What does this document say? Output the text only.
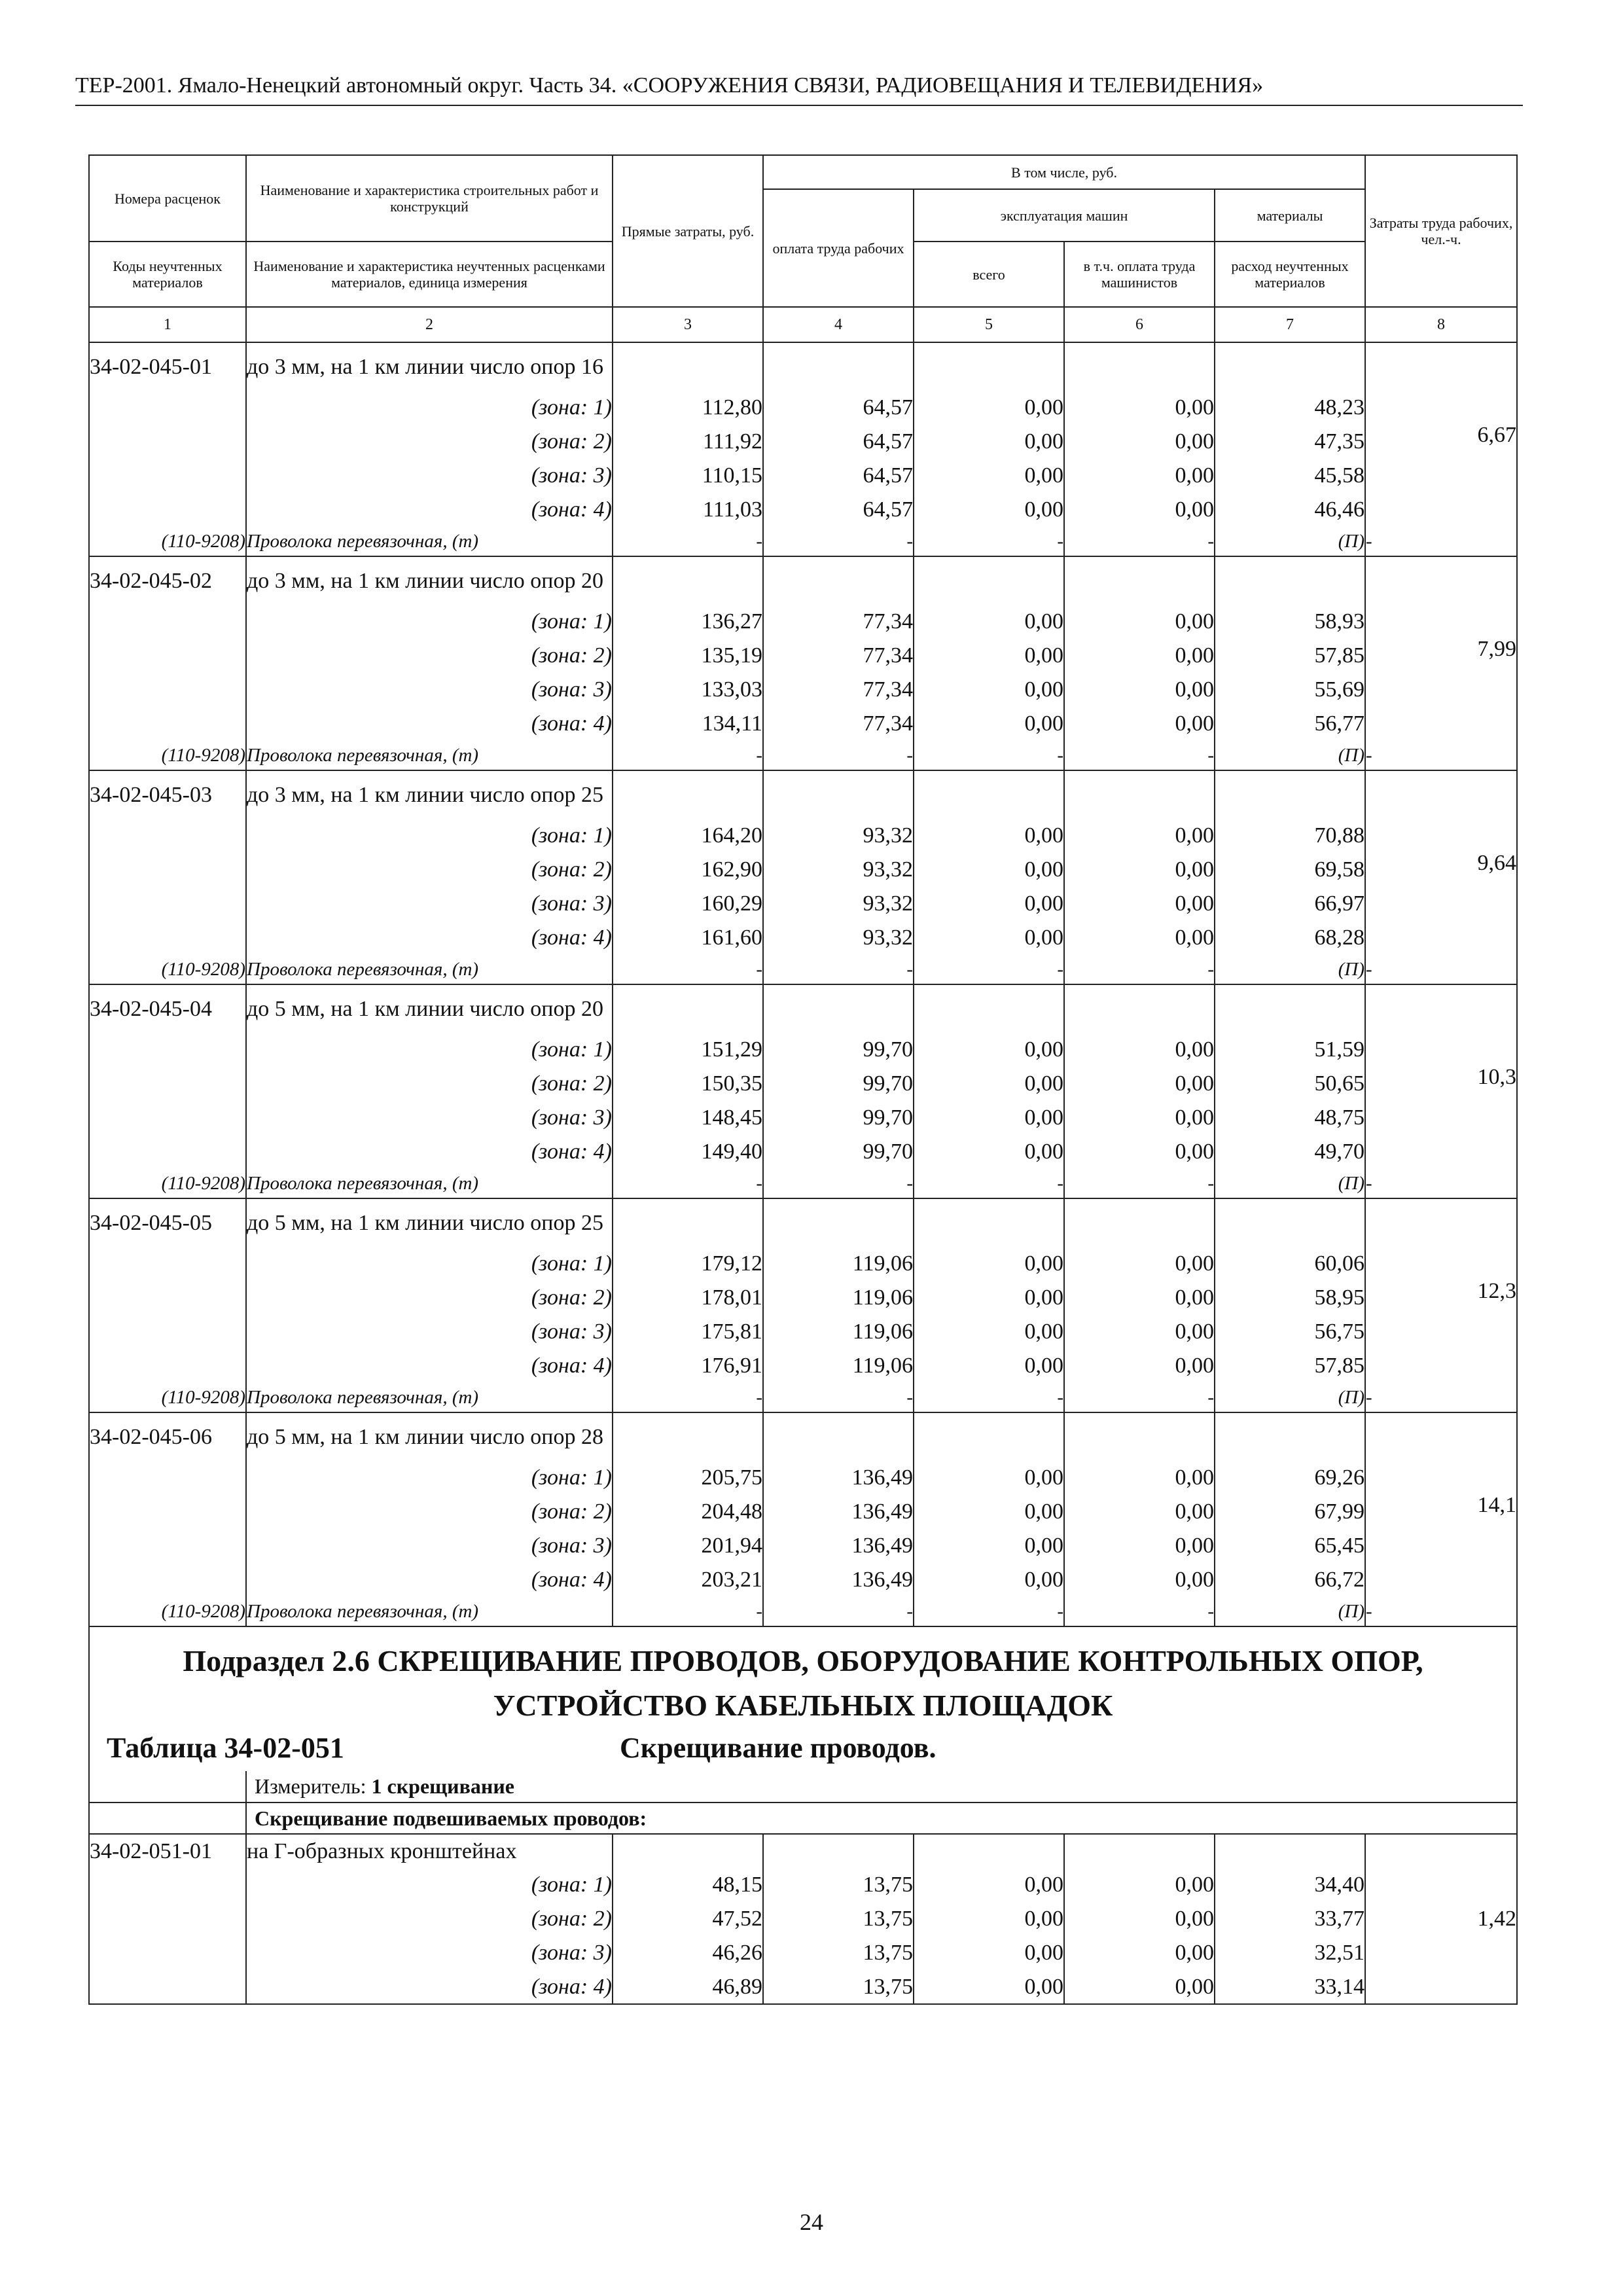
ТЕР-2001. Ямало-Ненецкий автономный округ. Часть 34. «СООРУЖЕНИЯ СВЯЗИ, РАДИОВЕЩАНИЯ И ТЕЛЕВИДЕНИЯ»
Номера расценок	Наименование и характеристика строительных работ и конструкций	Прямые затраты, руб.	В том числе, руб.				Затраты труда рабочих, чел.-ч.
			оплата труда рабочих	эксплуатация машин		материалы	
Коды неучтенных материалов	Наименование и характеристика неучтенных расценками материалов, единица измерения			всего	в т.ч. оплата труда машинистов	расход неучтенных материалов	

1	2	3	4	5	6	7	8
34-02-045-01	до 3 мм, на 1 км линии число опор 16						6,67
	(зона: 1)	112,80	64,57	0,00	0,00	48,23	
	(зона: 2)	111,92	64,57	0,00	0,00	47,35	
	(зона: 3)	110,15	64,57	0,00	0,00	45,58	
	(зона: 4)	111,03	64,57	0,00	0,00	46,46	
(110-9208)	Проволока перевязочная, (т)	-	-	-	-	(П)	-
34-02-045-02	до 3 мм, на 1 км линии число опор 20						7,99
	(зона: 1)	136,27	77,34	0,00	0,00	58,93	
	(зона: 2)	135,19	77,34	0,00	0,00	57,85	
	(зона: 3)	133,03	77,34	0,00	0,00	55,69	
	(зона: 4)	134,11	77,34	0,00	0,00	56,77	
(110-9208)	Проволока перевязочная, (т)	-	-	-	-	(П)	-
34-02-045-03	до 3 мм, на 1 км линии число опор 25						9,64
	(зона: 1)	164,20	93,32	0,00	0,00	70,88	
	(зона: 2)	162,90	93,32	0,00	0,00	69,58	
	(зона: 3)	160,29	93,32	0,00	0,00	66,97	
	(зона: 4)	161,60	93,32	0,00	0,00	68,28	
(110-9208)	Проволока перевязочная, (т)	-	-	-	-	(П)	-
34-02-045-04	до 5 мм, на 1 км линии число опор 20						10,3
	(зона: 1)	151,29	99,70	0,00	0,00	51,59	
	(зона: 2)	150,35	99,70	0,00	0,00	50,65	
	(зона: 3)	148,45	99,70	0,00	0,00	48,75	
	(зона: 4)	149,40	99,70	0,00	0,00	49,70	
(110-9208)	Проволока перевязочная, (т)	-	-	-	-	(П)	-
34-02-045-05	до 5 мм, на 1 км линии число опор 25						12,3
	(зона: 1)	179,12	119,06	0,00	0,00	60,06	
	(зона: 2)	178,01	119,06	0,00	0,00	58,95	
	(зона: 3)	175,81	119,06	0,00	0,00	56,75	
	(зона: 4)	176,91	119,06	0,00	0,00	57,85	
(110-9208)	Проволока перевязочная, (т)	-	-	-	-	(П)	-
34-02-045-06	до 5 мм, на 1 км линии число опор 28						14,1
	(зона: 1)	205,75	136,49	0,00	0,00	69,26	
	(зона: 2)	204,48	136,49	0,00	0,00	67,99	
	(зона: 3)	201,94	136,49	0,00	0,00	65,45	
	(зона: 4)	203,21	136,49	0,00	0,00	66,72	
(110-9208)	Проволока перевязочная, (т)	-	-	-	-	(П)	-

Подраздел 2.6 СКРЕЩИВАНИЕ ПРОВОДОВ, ОБОРУДОВАНИЕ КОНТРОЛЬНЫХ ОПОР,
УСТРОЙСТВО КАБЕЛЬНЫХ ПЛОЩАДОК							

Таблица 34-02-051 Скрещивание проводов.							

	Измеритель: 1 скрещивание						
	Скрещивание подвешиваемых проводов:						
34-02-051-01	на Г-образных кронштейнах						1,42
	(зона: 1)	48,15	13,75	0,00	0,00	34,40	
	(зона: 2)	47,52	13,75	0,00	0,00	33,77	
	(зона: 3)	46,26	13,75	0,00	0,00	32,51	
	(зона: 4)	46,89	13,75	0,00	0,00	33,14	
24
